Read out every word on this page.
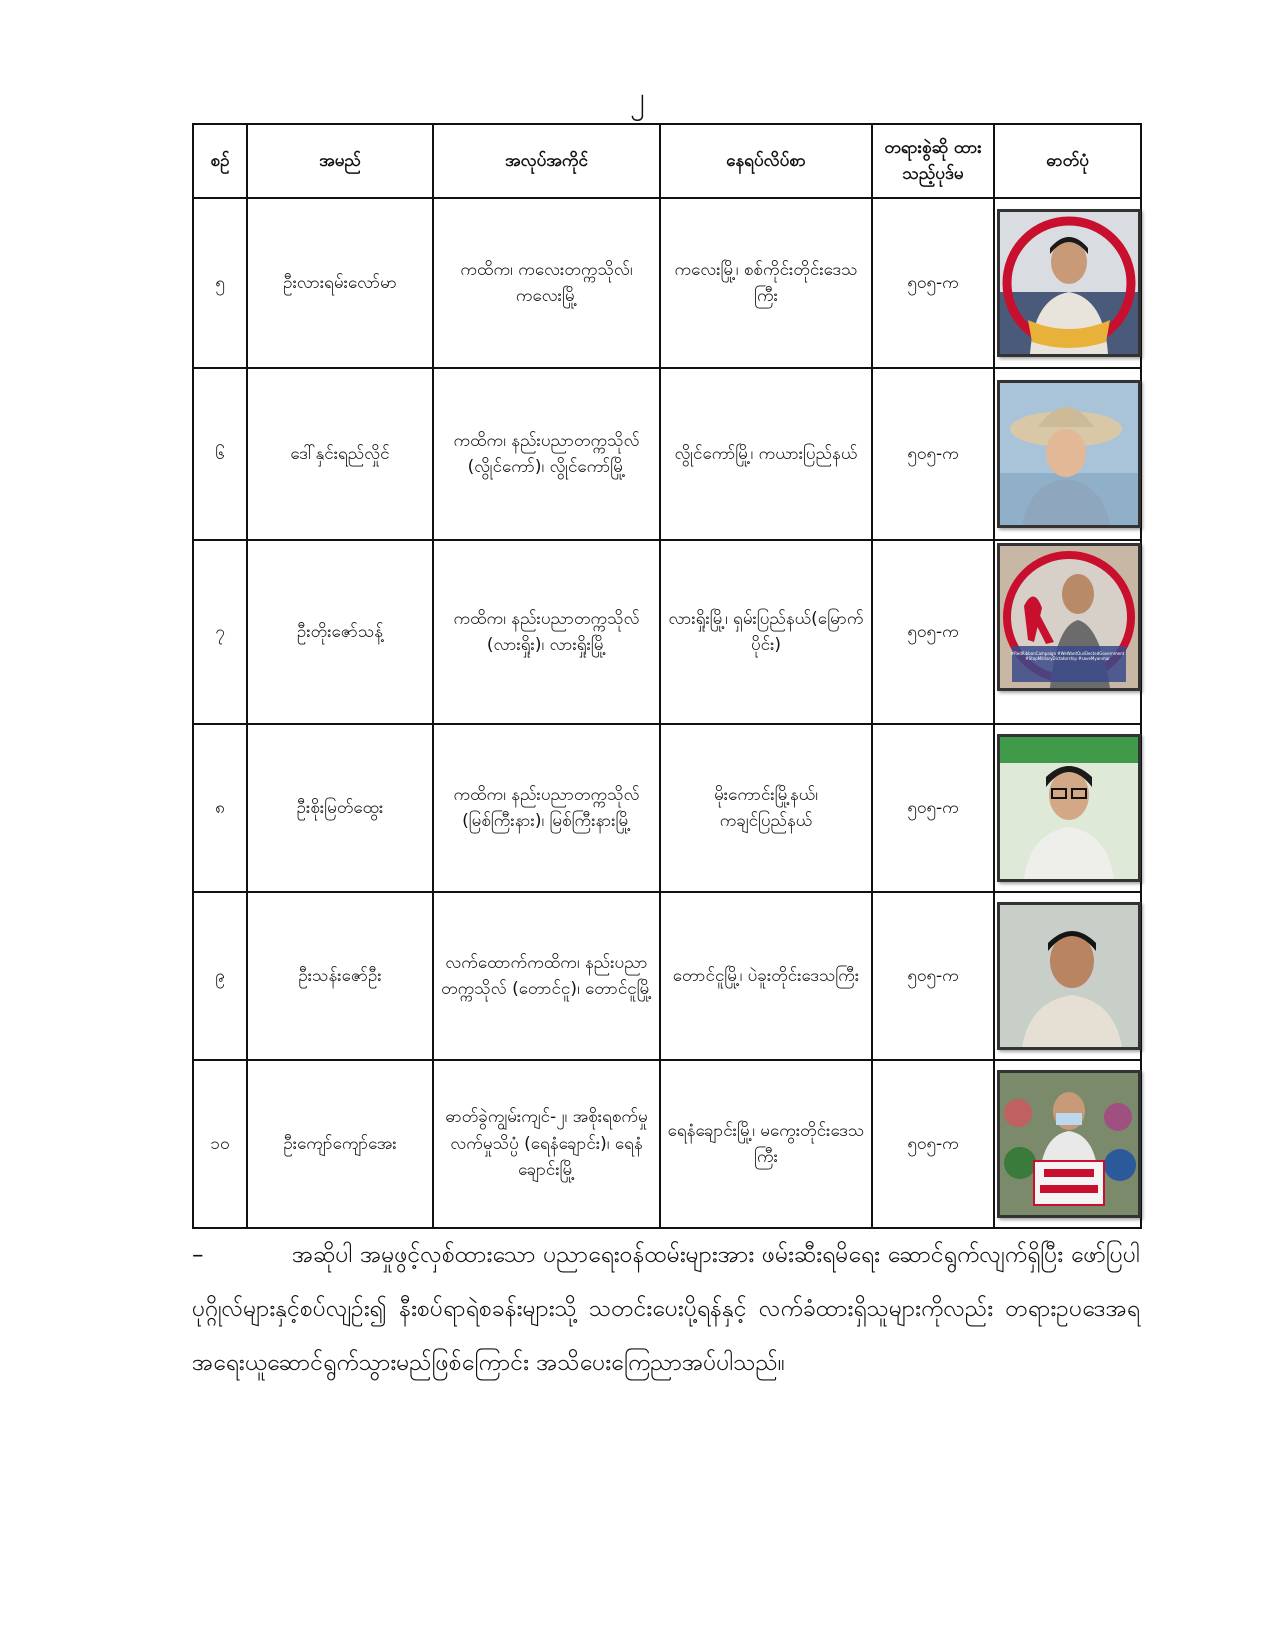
၂
စဉ်	အမည်	အလုပ်အကိုင်	နေရပ်လိပ်စာ	တရားစွဲဆို ထားသည့်ပုဒ်မ	ဓာတ်ပုံ
၅	ဦးလားရမ်းလော်မာ	ကထိက၊ ကလေးတက္ကသိုလ်၊ ကလေးမြို့	ကလေးမြို့၊ စစ်ကိုင်းတိုင်းဒေသကြီး	၅၀၅-က	

၆	ဒေါ်နှင်းရည်လှိုင်	ကထိက၊ နည်းပညာတက္ကသိုလ် (လွိုင်ကော်)၊ လွိုင်ကော်မြို့	လွိုင်ကော်မြို့၊ ကယားပြည်နယ်	၅၀၅-က	

၇	ဦးတိုးဇော်သန့်	ကထိက၊ နည်းပညာတက္ကသိုလ် (လားရှိုး)၊ လားရှိုးမြို့	လားရှိုးမြို့၊ ရှမ်းပြည်နယ်(မြောက်ပိုင်း)	၅၀၅-က	#RedRibbonCampaign #WeWantOurElectedGovernment #StopMilitaryDictatorship #saveMyanmar

၈	ဦးစိုးမြတ်ထွေး	ကထိက၊ နည်းပညာတက္ကသိုလ် (မြစ်ကြီးနား)၊ မြစ်ကြီးနားမြို့	မိုးကောင်းမြို့နယ်၊ ကချင်ပြည်နယ်	၅၀၅-က	

၉	ဦးသန်းဇော်ဦး	လက်ထောက်ကထိက၊ နည်းပညာတက္ကသိုလ် (တောင်ငူ)၊ တောင်ငူမြို့	တောင်ငူမြို့၊ ပဲခူးတိုင်းဒေသကြီး	၅၀၅-က	

၁၀	ဦးကျော်ကျော်အေး	ဓာတ်ခွဲကျွမ်းကျင်-၂၊ အစိုးရစက်မှုလက်မှုသိပ္ပံ (ရေနံချောင်း)၊ ရေနံချောင်းမြို့	ရေနံချောင်းမြို့၊ မကွေးတိုင်းဒေသကြီး	၅၀၅-က	
–	အဆိုပါ အမှုဖွင့်လှစ်ထားသော ပညာရေးဝန်ထမ်းများအား ဖမ်းဆီးရမိရေး ဆောင်ရွက်လျက်ရှိပြီး ဖော်ပြပါပုဂ္ဂိုလ်များနှင့်စပ်လျဉ်း၍ နီးစပ်ရာရဲစခန်းများသို့ သတင်းပေးပို့ရန်နှင့် လက်ခံထားရှိသူများကိုလည်း တရားဥပဒေအရ အရေးယူဆောင်ရွက်သွားမည်ဖြစ်ကြောင်း အသိပေးကြေညာအပ်ပါသည်။
